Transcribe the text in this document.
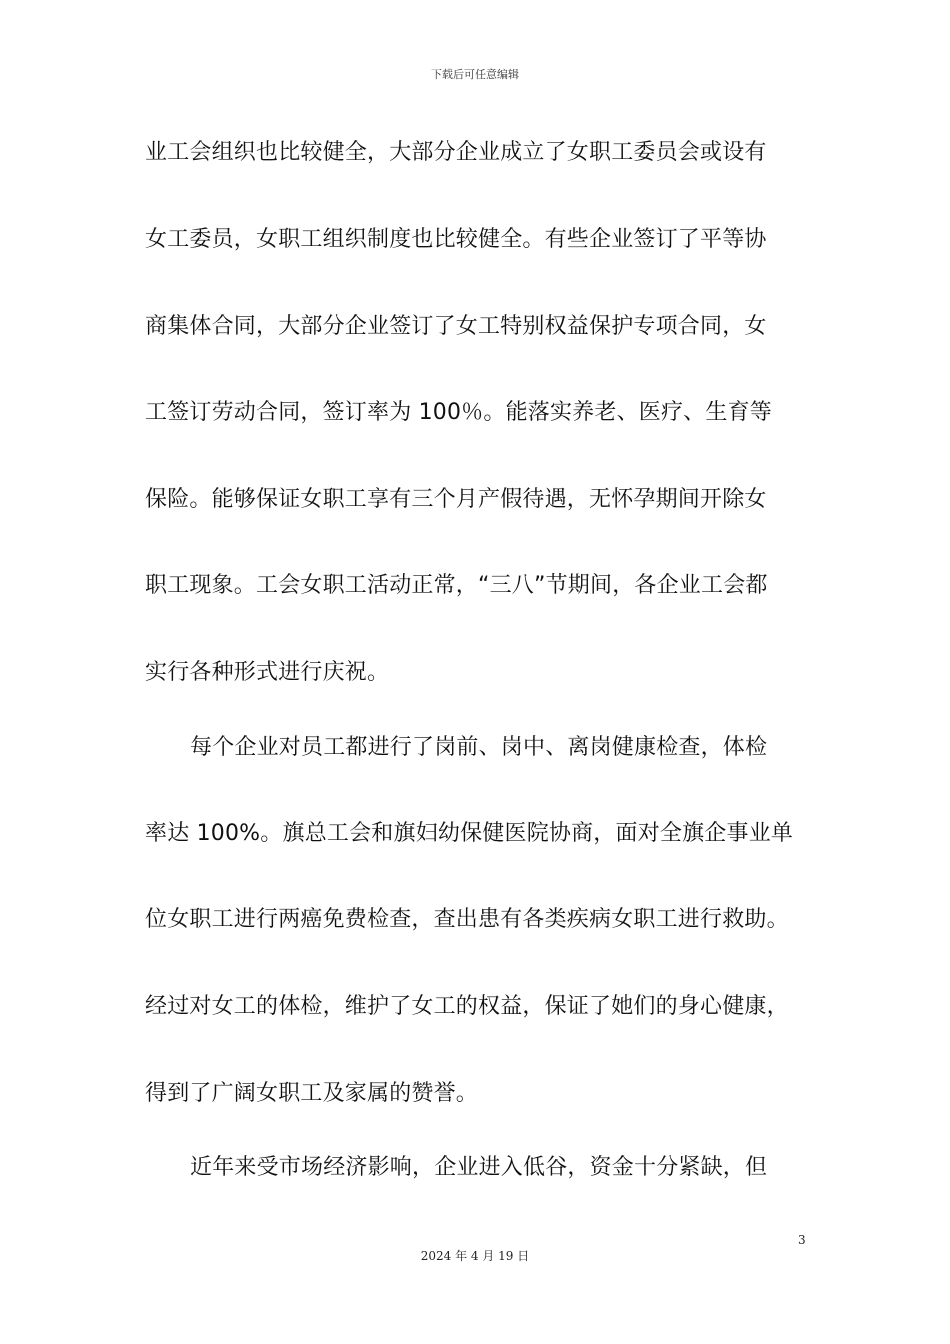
下载后可任意编辑
业工会组织也比较健全，大部分企业成立了女职工委员会或设有
女工委员，女职工组织制度也比较健全。有些企业签订了平等协
商集体合同，大部分企业签订了女工特别权益保护专项合同，女
工签订劳动合同，签订率为 100％。能落实养老、医疗、生育等
保险。能够保证女职工享有三个月产假待遇，无怀孕期间开除女
职工现象。工会女职工活动正常，“三八”节期间，各企业工会都
实行各种形式进行庆祝。
每个企业对员工都进行了岗前、岗中、离岗健康检查，体检
率达 100%。旗总工会和旗妇幼保健医院协商，面对全旗企事业单
位女职工进行两癌免费检查，查出患有各类疾病女职工进行救助。
经过对女工的体检，维护了女工的权益，保证了她们的身心健康，
得到了广阔女职工及家属的赞誉。
近年来受市场经济影响，企业进入低谷，资金十分紧缺，但
3
2024 年 4 月 19 日
